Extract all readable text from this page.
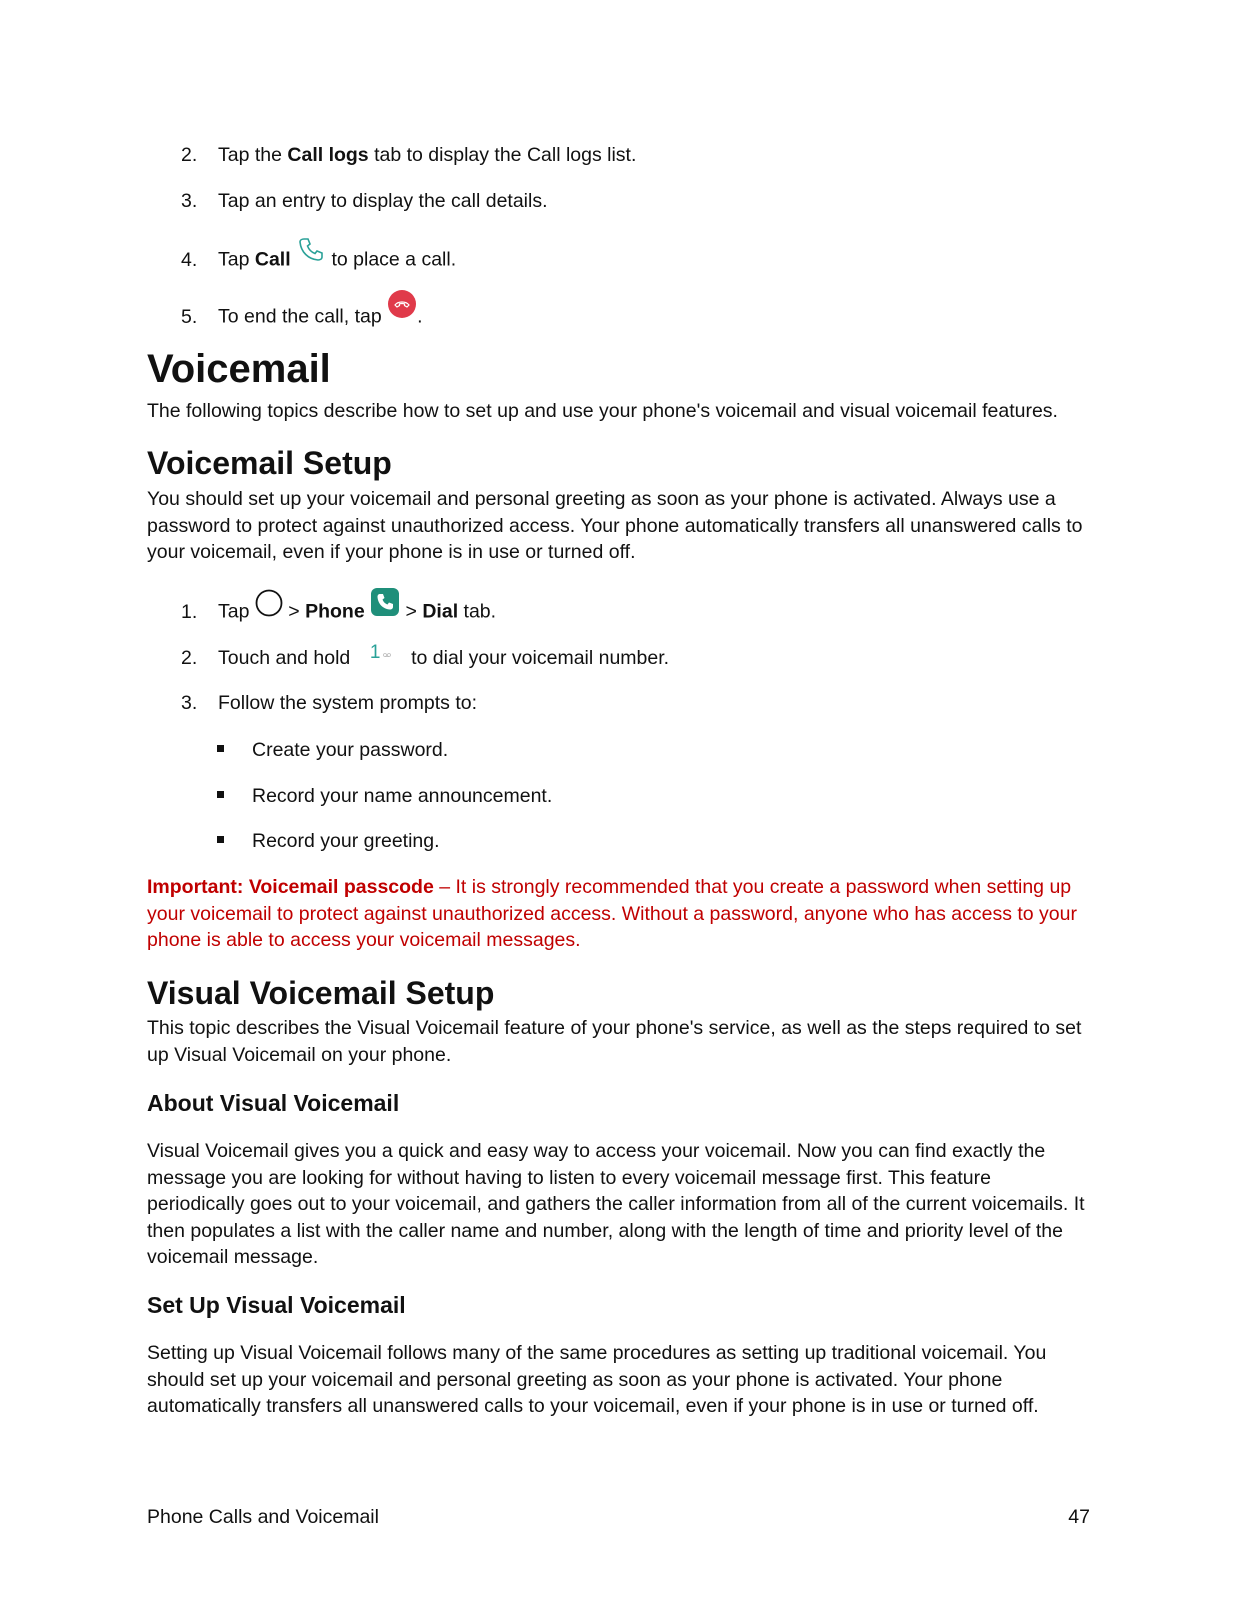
2. Tap the Call logs tab to display the Call logs list.
3. Tap an entry to display the call details.
4. Tap Call  to place a call.
5. To end the call, tap .
Voicemail
The following topics describe how to set up and use your phone's voicemail and visual voicemail features.
Voicemail Setup
You should set up your voicemail and personal greeting as soon as your phone is activated. Always use a password to protect against unauthorized access. Your phone automatically transfers all unanswered calls to your voicemail, even if your phone is in use or turned off.
1. Tap  > Phone  > Dial tab.
2. Touch and hold 1 to dial your voicemail number.
3. Follow the system prompts to:
Create your password.
Record your name announcement.
Record your greeting.
Important: Voicemail passcode – It is strongly recommended that you create a password when setting up your voicemail to protect against unauthorized access. Without a password, anyone who has access to your phone is able to access your voicemail messages.
Visual Voicemail Setup
This topic describes the Visual Voicemail feature of your phone's service, as well as the steps required to set up Visual Voicemail on your phone.
About Visual Voicemail
Visual Voicemail gives you a quick and easy way to access your voicemail. Now you can find exactly the message you are looking for without having to listen to every voicemail message first. This feature periodically goes out to your voicemail, and gathers the caller information from all of the current voicemails. It then populates a list with the caller name and number, along with the length of time and priority level of the voicemail message.
Set Up Visual Voicemail
Setting up Visual Voicemail follows many of the same procedures as setting up traditional voicemail. You should set up your voicemail and personal greeting as soon as your phone is activated. Your phone automatically transfers all unanswered calls to your voicemail, even if your phone is in use or turned off.
Phone Calls and Voicemail	47
